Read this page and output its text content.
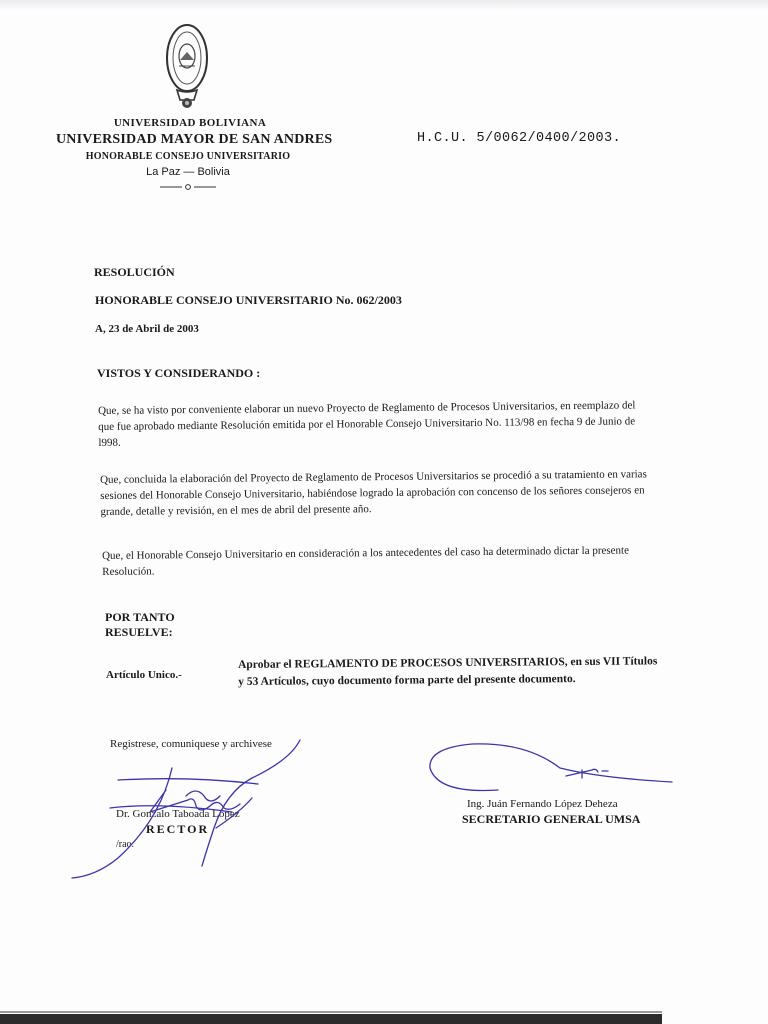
UNIVERSIDAD BOLIVIANA
UNIVERSIDAD MAYOR DE SAN ANDRES
HONORABLE CONSEJO UNIVERSITARIO
La Paz — Bolivia
H.C.U. 5/0062/0400/2003.
RESOLUCIÓN
HONORABLE CONSEJO UNIVERSITARIO No. 062/2003
A, 23 de Abril de 2003
VISTOS Y CONSIDERANDO :
Que, se ha visto por conveniente elaborar un nuevo Proyecto de Reglamento de Procesos Universitarios, en reemplazo del que fue aprobado mediante Resolución emitida por el Honorable Consejo Universitario No. 113/98 en fecha 9 de Junio de l998.
Que, concluida la elaboración del Proyecto de Reglamento de Procesos Universitarios se procedió a su tratamiento en varias sesiones del Honorable Consejo Universitario, habiéndose logrado la aprobación con concenso de los señores consejeros en grande, detalle y revisión, en el mes de abril del presente año.
Que, el Honorable Consejo Universitario en consideración a los antecedentes del caso ha determinado dictar la presente Resolución.
POR TANTO
RESUELVE:
Artículo Unico.-
Aprobar el REGLAMENTO DE PROCESOS UNIVERSITARIOS, en sus VII Títulos y 53 Artículos, cuyo documento forma parte del presente documento.
Registrese, comuniquese y archivese
Dr. Gonzalo Taboada López
RECTOR
/rao.
Ing. Juán Fernando López Deheza
SECRETARIO GENERAL UMSA
